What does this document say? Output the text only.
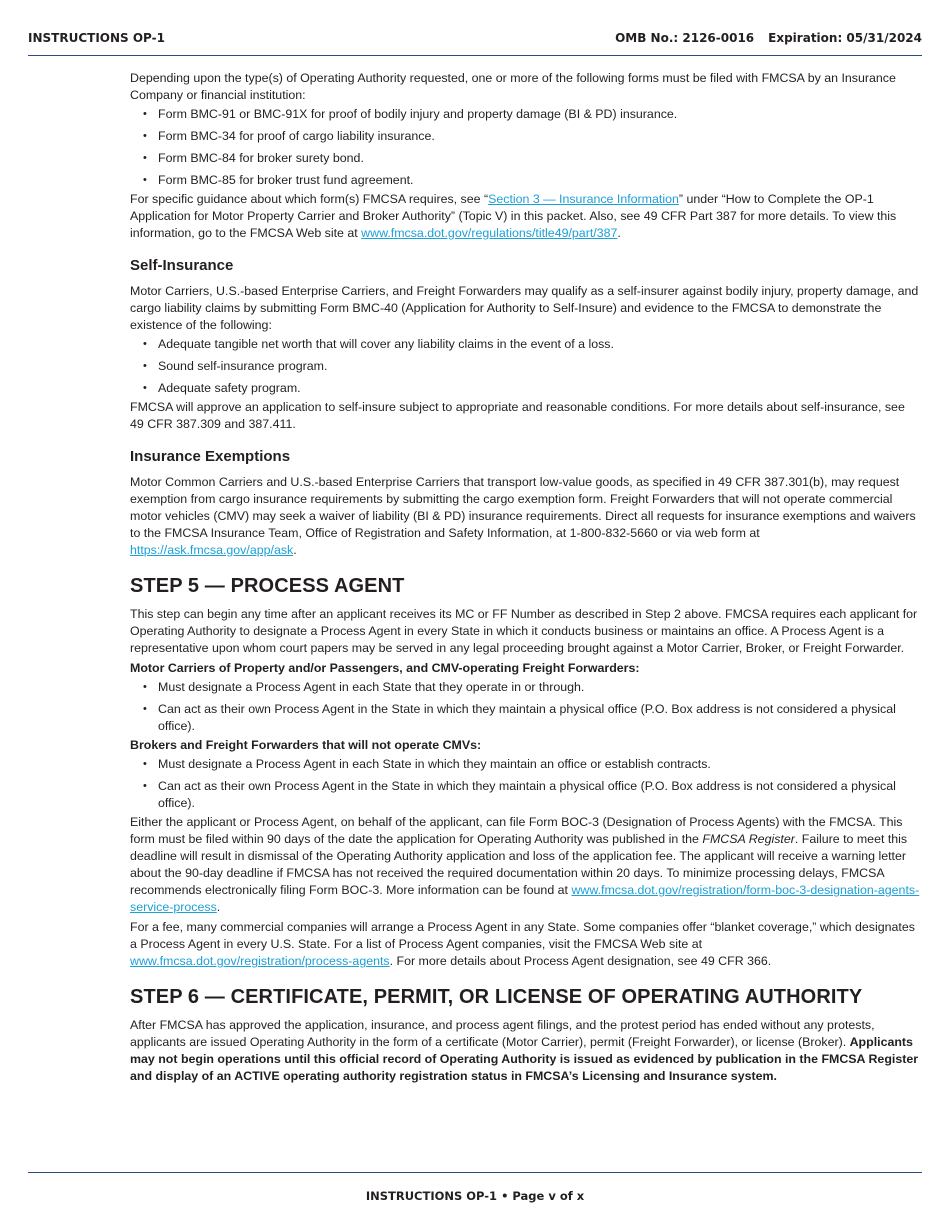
INSTRUCTIONS OP-1	OMB No.: 2126-0016 Expiration: 05/31/2024

Depending upon the type(s) of Operating Authority requested, one or more of the following forms must be filed with FMCSA by an Insurance Company or financial institution:

• Form BMC-91 or BMC-91X for proof of bodily injury and property damage (BI & PD) insurance.
• Form BMC-34 for proof of cargo liability insurance.
• Form BMC-84 for broker surety bond.
• Form BMC-85 for broker trust fund agreement.

For specific guidance about which form(s) FMCSA requires, see “Section 3 — Insurance Information” under “How to Complete the OP-1 Application for Motor Property Carrier and Broker Authority” (Topic V) in this packet. Also, see 49 CFR Part 387 for more details. To view this information, go to the FMCSA Web site at www.fmcsa.dot.gov/regulations/title49/part/387.

Self-Insurance

Motor Carriers, U.S.-based Enterprise Carriers, and Freight Forwarders may qualify as a self-insurer against bodily injury, property damage, and cargo liability claims by submitting Form BMC-40 (Application for Authority to Self-Insure) and evidence to the FMCSA to demonstrate the existence of the following:

• Adequate tangible net worth that will cover any liability claims in the event of a loss.
• Sound self-insurance program.
• Adequate safety program.

FMCSA will approve an application to self-insure subject to appropriate and reasonable conditions. For more details about self-insurance, see 49 CFR 387.309 and 387.411.

Insurance Exemptions

Motor Common Carriers and U.S.-based Enterprise Carriers that transport low-value goods, as specified in 49 CFR 387.301(b), may request exemption from cargo insurance requirements by submitting the cargo exemption form. Freight Forwarders that will not operate commercial motor vehicles (CMV) may seek a waiver of liability (BI & PD) insurance requirements. Direct all requests for insurance exemptions and waivers to the FMCSA Insurance Team, Office of Registration and Safety Information, at 1-800-832-5660 or via web form at https://ask.fmcsa.gov/app/ask.

STEP 5 — PROCESS AGENT

This step can begin any time after an applicant receives its MC or FF Number as described in Step 2 above. FMCSA requires each applicant for Operating Authority to designate a Process Agent in every State in which it conducts business or maintains an office. A Process Agent is a representative upon whom court papers may be served in any legal proceeding brought against a Motor Carrier, Broker, or Freight Forwarder.

Motor Carriers of Property and/or Passengers, and CMV-operating Freight Forwarders:

• Must designate a Process Agent in each State that they operate in or through.
• Can act as their own Process Agent in the State in which they maintain a physical office (P.O. Box address is not considered a physical office).

Brokers and Freight Forwarders that will not operate CMVs:

• Must designate a Process Agent in each State in which they maintain an office or establish contracts.
• Can act as their own Process Agent in the State in which they maintain a physical office (P.O. Box address is not considered a physical office).

Either the applicant or Process Agent, on behalf of the applicant, can file Form BOC-3 (Designation of Process Agents) with the FMCSA. This form must be filed within 90 days of the date the application for Operating Authority was published in the FMCSA Register. Failure to meet this deadline will result in dismissal of the Operating Authority application and loss of the application fee. The applicant will receive a warning letter about the 90-day deadline if FMCSA has not received the required documentation within 20 days. To minimize processing delays, FMCSA recommends electronically filing Form BOC-3. More information can be found at www.fmcsa.dot.gov/registration/form-boc-3-designation-agents-service-process.

For a fee, many commercial companies will arrange a Process Agent in any State. Some companies offer “blanket coverage,” which designates a Process Agent in every U.S. State. For a list of Process Agent companies, visit the FMCSA Web site at www.fmcsa.dot.gov/registration/process-agents. For more details about Process Agent designation, see 49 CFR 366.

STEP 6 — CERTIFICATE, PERMIT, OR LICENSE OF OPERATING AUTHORITY

After FMCSA has approved the application, insurance, and process agent filings, and the protest period has ended without any protests, applicants are issued Operating Authority in the form of a certificate (Motor Carrier), permit (Freight Forwarder), or license (Broker). Applicants may not begin operations until this official record of Operating Authority is issued as evidenced by publication in the FMCSA Register and display of an ACTIVE operating authority registration status in FMCSA’s Licensing and Insurance system.

INSTRUCTIONS OP-1 • Page v of x
